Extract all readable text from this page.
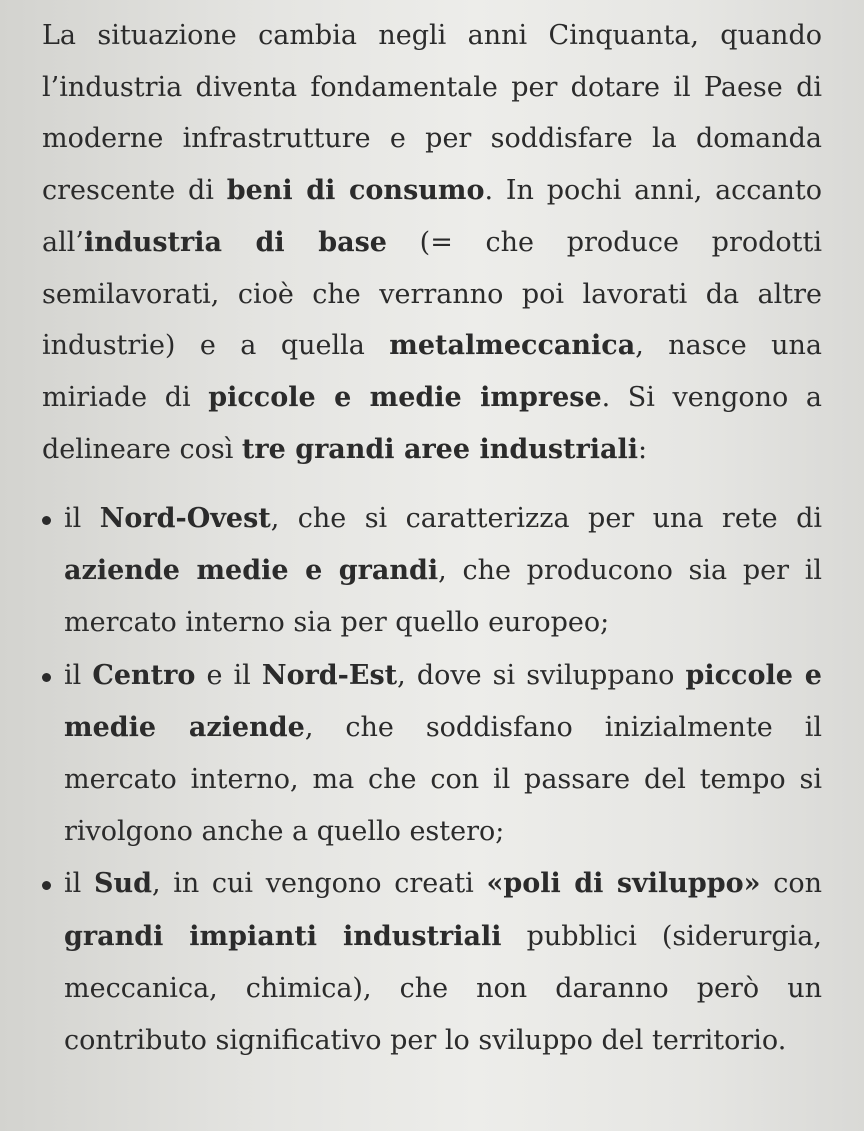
La situazione cambia negli anni Cinquanta, quando l’industria diventa fondamentale per dotare il Paese di moderne infrastrutture e per soddisfare la domanda crescente di beni di consumo. In pochi anni, accanto all’industria di base (= che produce prodotti semilavorati, cioè che verranno poi lavorati da altre industrie) e a quella metalmeccanica, nasce una miriade di piccole e medie imprese. Si vengono a delineare così tre grandi aree industriali:

il Nord-Ovest, che si caratterizza per una rete di aziende medie e grandi, che producono sia per il mercato interno sia per quello europeo;
il Centro e il Nord-Est, dove si sviluppano piccole e medie aziende, che soddisfano inizialmente il mercato interno, ma che con il passare del tempo si rivolgono anche a quello estero;
il Sud, in cui vengono creati «poli di sviluppo» con grandi impianti industriali pubblici (siderurgia, meccanica, chimica), che non daranno però un contributo significativo per lo sviluppo del territorio.
